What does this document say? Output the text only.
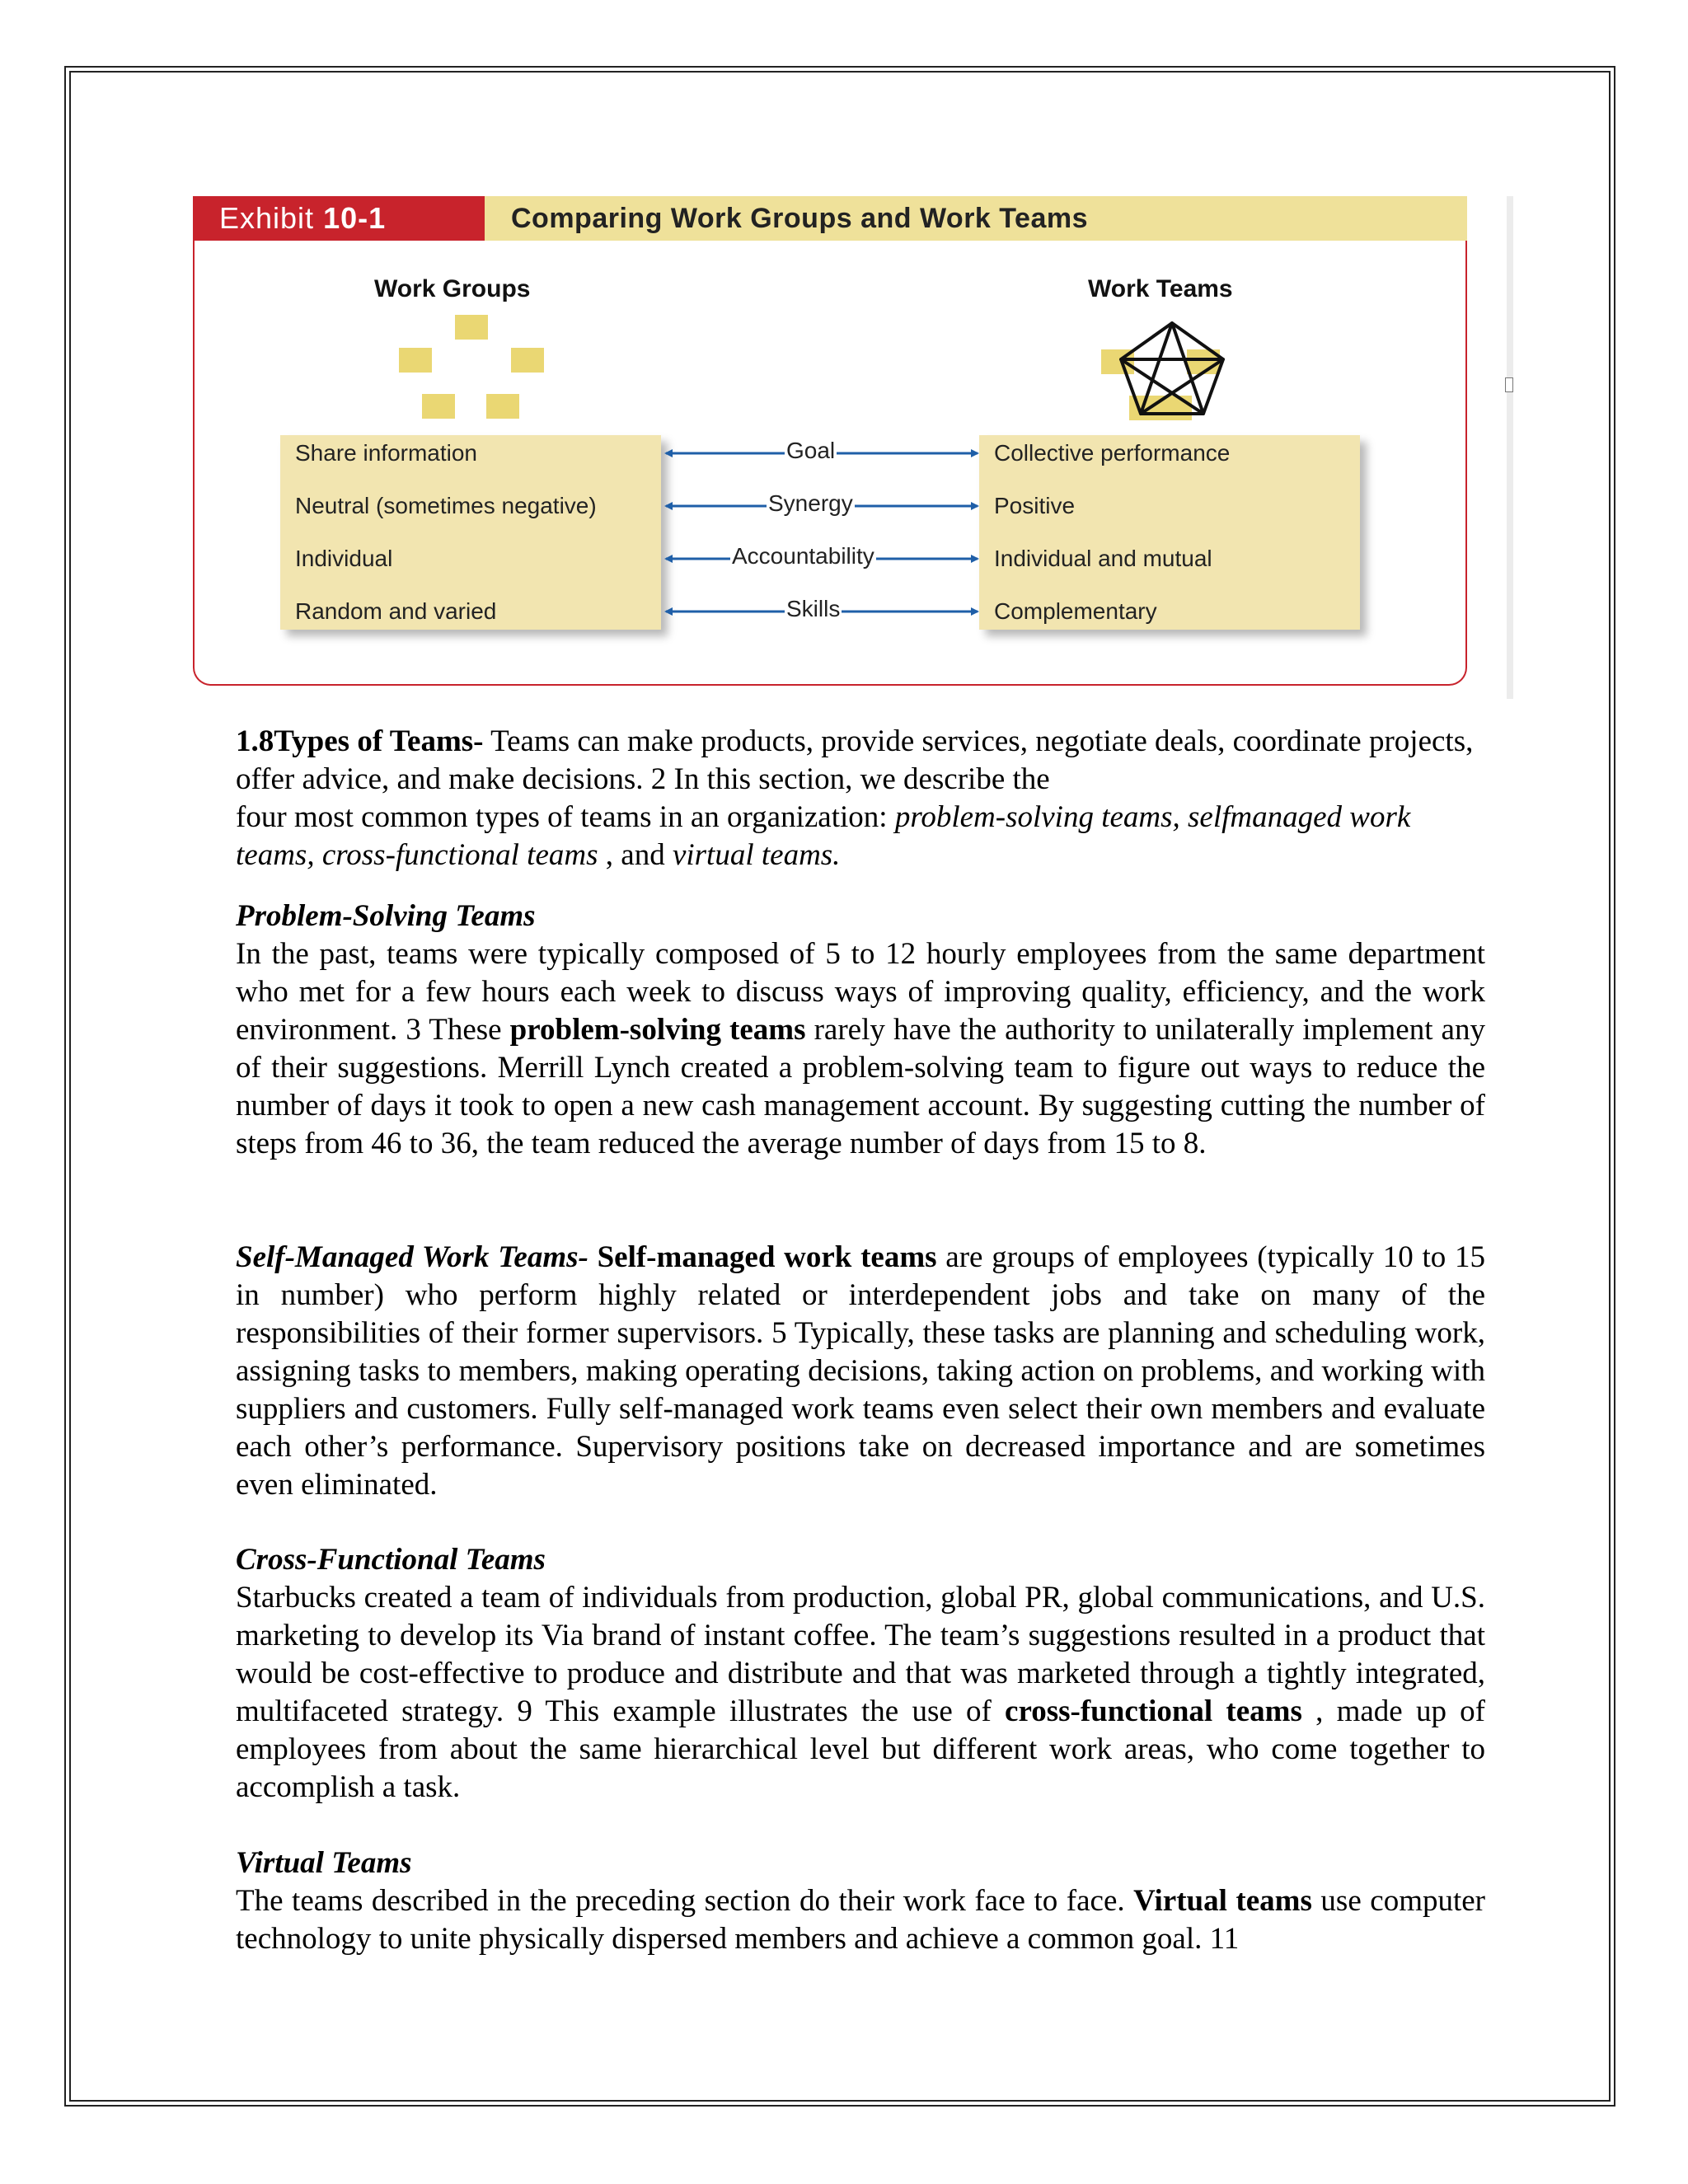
Exhibit 10-1	Comparing Work Groups and Work Teams
Work Groups	Work Teams
Share information
Neutral (sometimes negative)
Individual
Random and varied
Collective performance
Positive
Individual and mutual
Complementary
Goal
Synergy
Accountability
Skills

1.8Types of Teams- Teams can make products, provide services, negotiate deals, coordinate projects, offer advice, and make decisions. 2 In this section, we describe the
four most common types of teams in an organization: problem-solving teams, selfmanaged work teams, cross-functional teams , and virtual teams.

Problem-Solving Teams

In the past, teams were typically composed of 5 to 12 hourly employees from the same department who met for a few hours each week to discuss ways of improving quality, efficiency, and the work environment. 3 These problem-solving teams rarely have the authority to unilaterally implement any of their suggestions. Merrill Lynch created a problem-solving team to figure out ways to reduce the number of days it took to open a new cash management account. By suggesting cutting the number of steps from 46 to 36, the team reduced the average number of days from 15 to 8.

Self-Managed Work Teams- Self-managed work teams are groups of employees (typically 10 to 15 in number) who perform highly related or interdependent jobs and take on many of the responsibilities of their former supervisors. 5 Typically, these tasks are planning and scheduling work, assigning tasks to members, making operating decisions, taking action on problems, and working with suppliers and customers. Fully self-managed work teams even select their own members and evaluate each other’s performance. Supervisory positions take on decreased importance and are sometimes even eliminated.

Cross-Functional Teams

Starbucks created a team of individuals from production, global PR, global communications, and U.S. marketing to develop its Via brand of instant coffee. The team’s suggestions resulted in a product that would be cost-effective to produce and distribute and that was marketed through a tightly integrated, multifaceted strategy. 9 This example illustrates the use of cross-functional teams , made up of employees from about the same hierarchical level but different work areas, who come together to accomplish a task.

Virtual Teams

The teams described in the preceding section do their work face to face. Virtual teams use computer technology to unite physically dispersed members and achieve a common goal. 11
